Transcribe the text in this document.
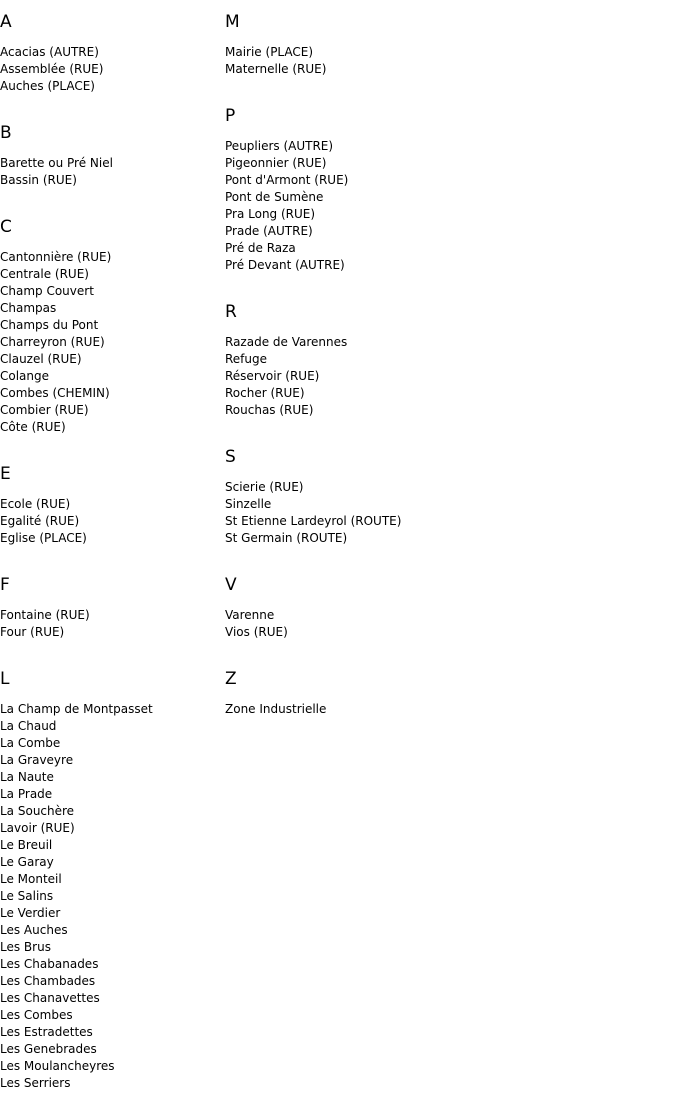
A
Acacias (AUTRE)
Assemblée (RUE)
Auches (PLACE)
B
Barette ou Pré Niel
Bassin (RUE)
C
Cantonnière (RUE)
Centrale (RUE)
Champ Couvert
Champas
Champs du Pont
Charreyron (RUE)
Clauzel (RUE)
Colange
Combes (CHEMIN)
Combier (RUE)
Côte (RUE)
E
Ecole (RUE)
Egalité (RUE)
Eglise (PLACE)
F
Fontaine (RUE)
Four (RUE)
L
La Champ de Montpasset
La Chaud
La Combe
La Graveyre
La Naute
La Prade
La Souchère
Lavoir (RUE)
Le Breuil
Le Garay
Le Monteil
Le Salins
Le Verdier
Les Auches
Les Brus
Les Chabanades
Les Chambades
Les Chanavettes
Les Combes
Les Estradettes
Les Genebrades
Les Moulancheyres
Les Serriers
M
Mairie (PLACE)
Maternelle (RUE)
P
Peupliers (AUTRE)
Pigeonnier (RUE)
Pont d'Armont (RUE)
Pont de Sumène
Pra Long (RUE)
Prade (AUTRE)
Pré de Raza
Pré Devant (AUTRE)
R
Razade de Varennes
Refuge
Réservoir (RUE)
Rocher (RUE)
Rouchas (RUE)
S
Scierie (RUE)
Sinzelle
St Etienne Lardeyrol (ROUTE)
St Germain (ROUTE)
V
Varenne
Vios (RUE)
Z
Zone Industrielle
